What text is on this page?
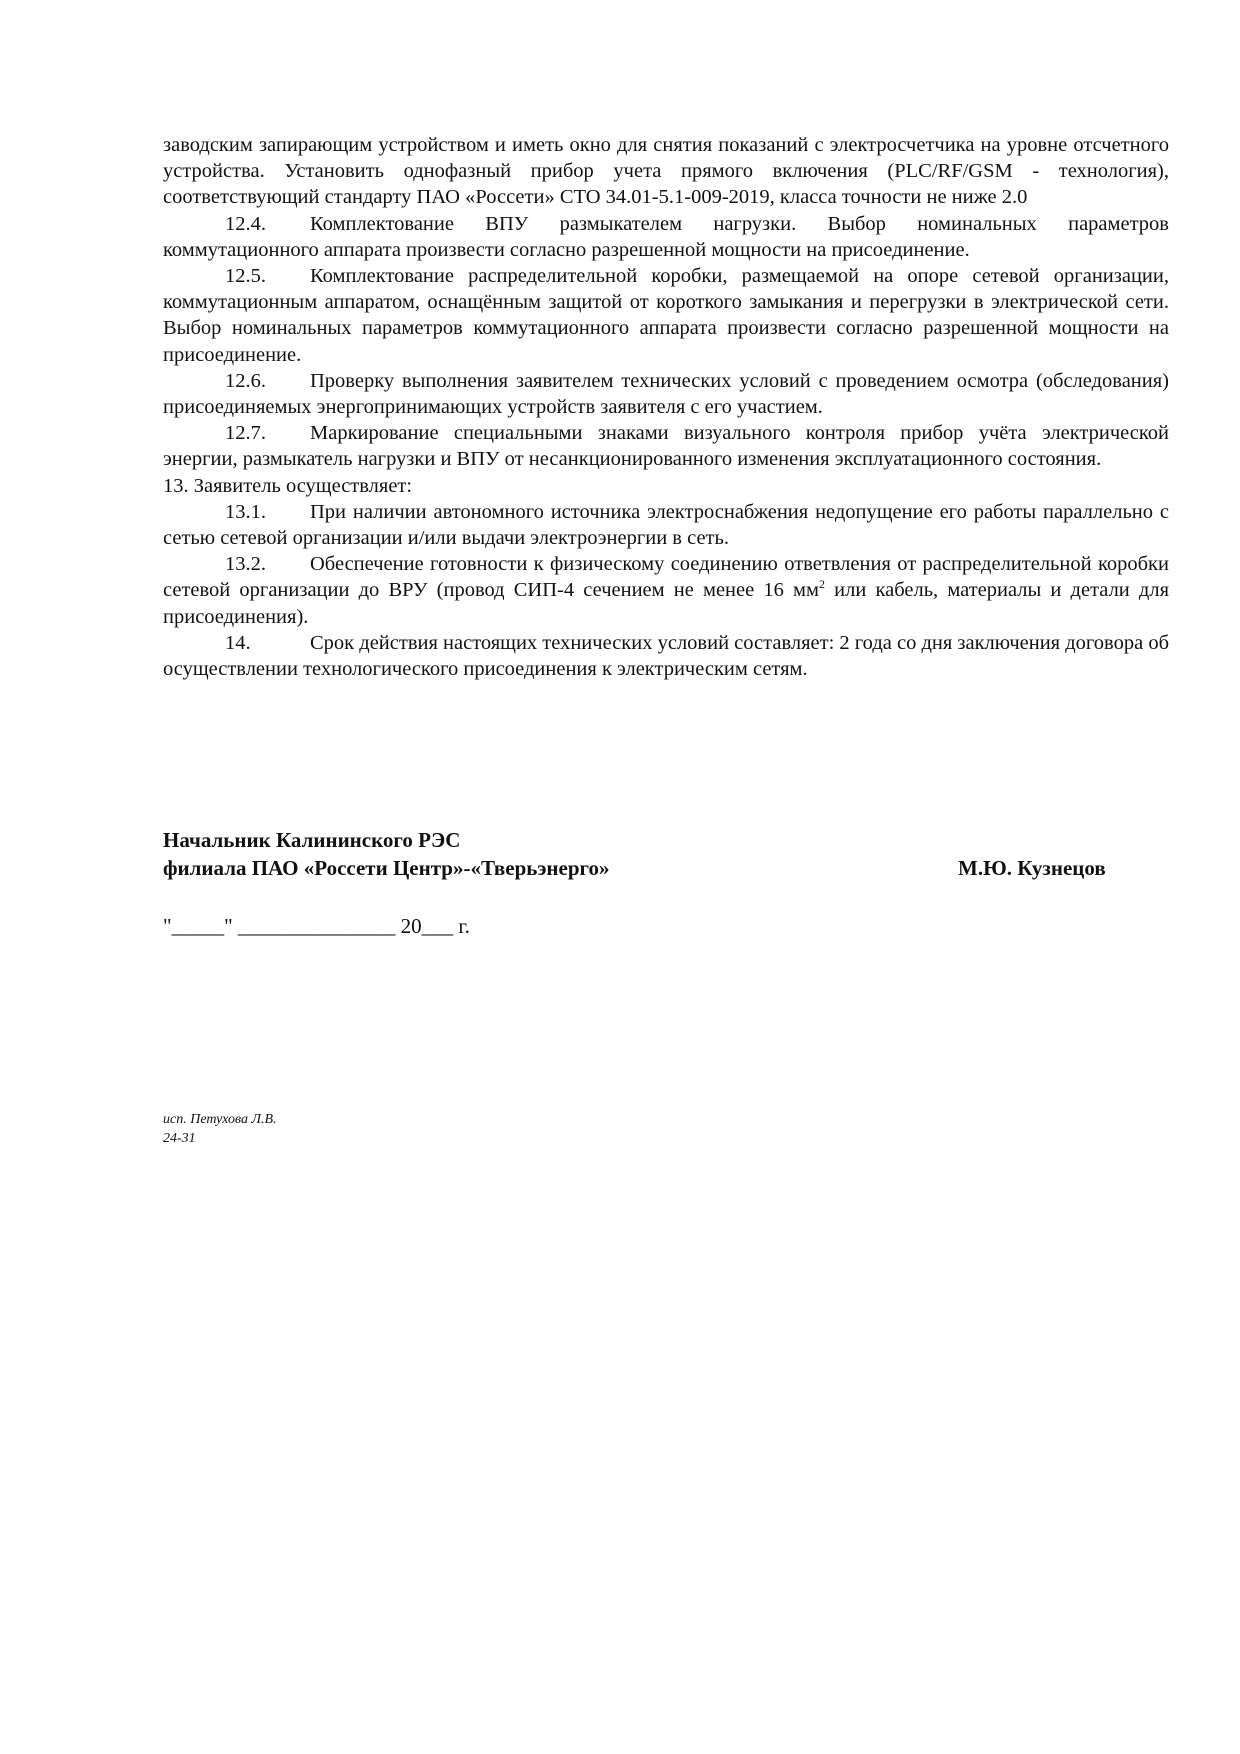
заводским запирающим устройством и иметь окно для снятия показаний с электросчетчика на уровне отсчетного устройства. Установить однофазный прибор учета прямого включения (PLC/RF/GSM - технология), соответствующий стандарту ПАО «Россети» СТО 34.01-5.1-009-2019, класса точности не ниже 2.0

12.4. Комплектование ВПУ размыкателем нагрузки. Выбор номинальных параметров коммутационного аппарата произвести согласно разрешенной мощности на присоединение.

12.5. Комплектование распределительной коробки, размещаемой на опоре сетевой организации, коммутационным аппаратом, оснащённым защитой от короткого замыкания и перегрузки в электрической сети. Выбор номинальных параметров коммутационного аппарата произвести согласно разрешенной мощности на присоединение.

12.6. Проверку выполнения заявителем технических условий с проведением осмотра (обследования) присоединяемых энергопринимающих устройств заявителя с его участием.

12.7. Маркирование специальными знаками визуального контроля прибор учёта электрической энергии, размыкатель нагрузки и ВПУ от несанкционированного изменения эксплуатационного состояния.

13. Заявитель осуществляет:

13.1. При наличии автономного источника электроснабжения недопущение его работы параллельно с сетью сетевой организации и/или выдачи электроэнергии в сеть.

13.2. Обеспечение готовности к физическому соединению ответвления от распределительной коробки сетевой организации до ВРУ (провод СИП-4 сечением не менее 16 $мм^2$ или кабель, материалы и детали для присоединения).

14.	Срок действия настоящих технических условий составляет: 2 года со дня заключения договора об осуществлении технологического присоединения к электрическим сетям.

Начальник Калининского РЭС
филиала ПАО «Россети Центр»-«Тверьэнерго»	М.Ю. Кузнецов
"_____" _______________ 20___ г.
исп. Петухова Л.В.
24-31
